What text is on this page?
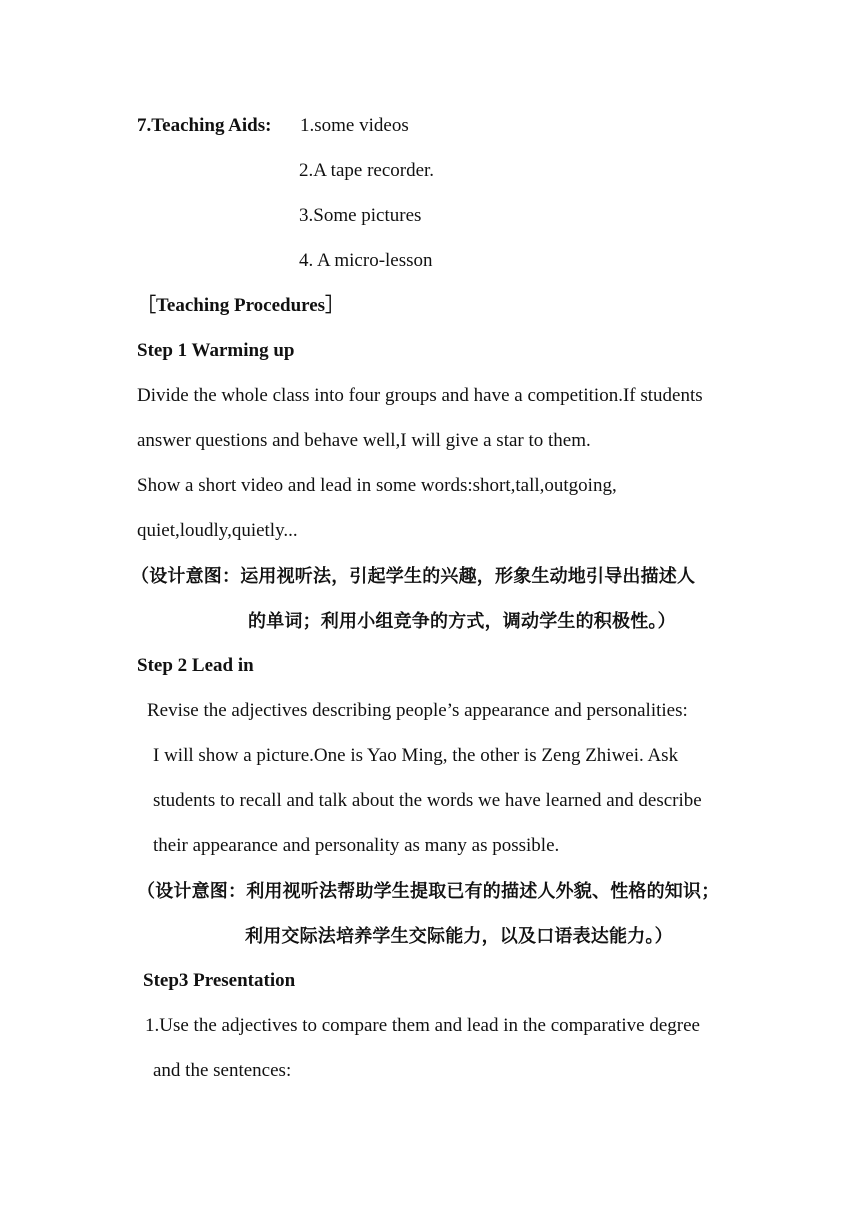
7.Teaching Aids: 1.some videos
2.A tape recorder.
3.Some pictures
4. A micro-lesson
［Teaching Procedures］
Step 1 Warming up
Divide the whole class into four groups and have a competition.If students
answer questions and behave well,I will give a star to them.
Show a short video and lead in some words:short,tall,outgoing,
quiet,loudly,quietly...
（设计意图：运用视听法，引起学生的兴趣，形象生动地引导出描述人
的单词；利用小组竞争的方式，调动学生的积极性。）
Step 2 Lead in
Revise the adjectives describing people’s appearance and personalities:
I will show a picture.One is Yao Ming, the other is Zeng Zhiwei. Ask
students to recall and talk about the words we have learned and describe
their appearance and personality as many as possible.
（设计意图：利用视听法帮助学生提取已有的描述人外貌、性格的知识；
利用交际法培养学生交际能力，以及口语表达能力。）
Step3 Presentation
1.Use the adjectives to compare them and lead in the comparative degree
and the sentences:
